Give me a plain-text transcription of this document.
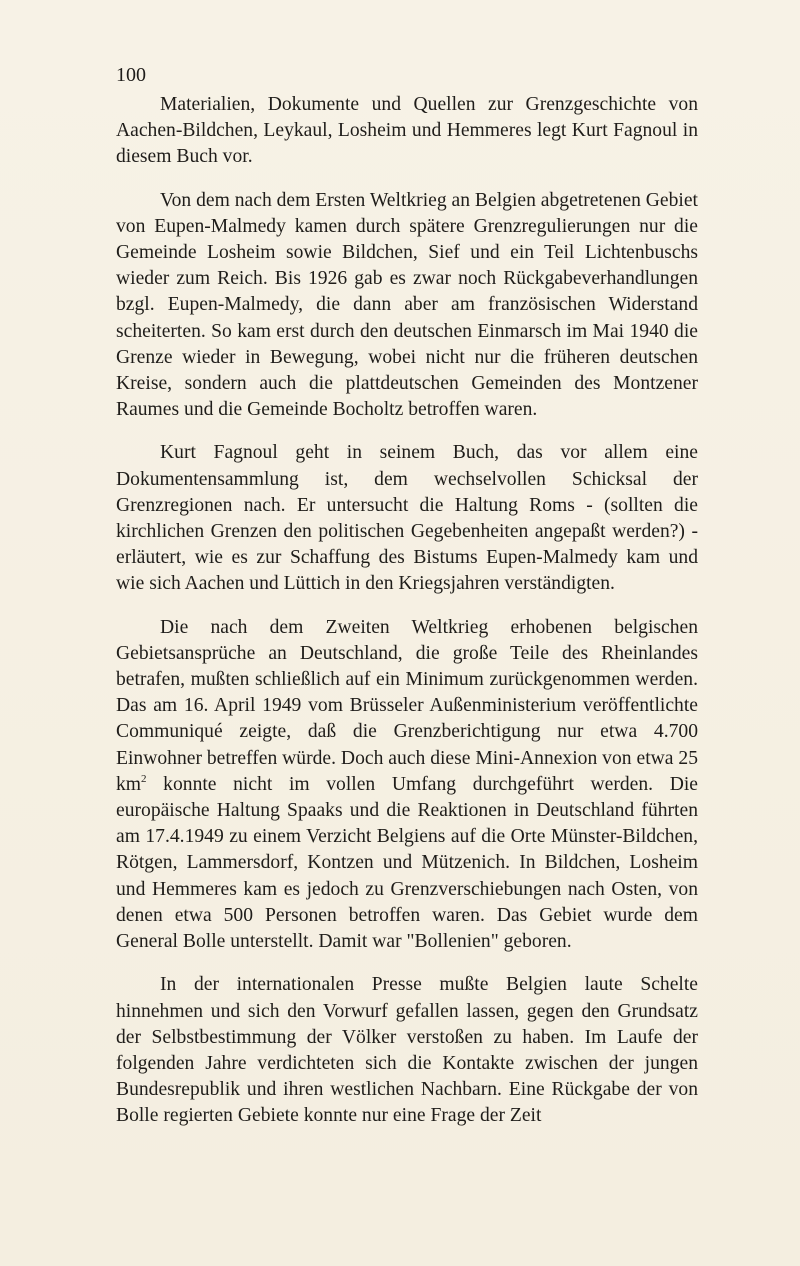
100

Materialien, Dokumente und Quellen zur Grenzgeschichte von Aachen-Bildchen, Leykaul, Losheim und Hemmeres legt Kurt Fagnoul in diesem Buch vor.

Von dem nach dem Ersten Weltkrieg an Belgien abgetretenen Gebiet von Eupen-Malmedy kamen durch spätere Grenzregulierungen nur die Gemeinde Losheim sowie Bildchen, Sief und ein Teil Lichtenbuschs wieder zum Reich. Bis 1926 gab es zwar noch Rückgabeverhandlungen bzgl. Eupen-Malmedy, die dann aber am französischen Widerstand scheiterten. So kam erst durch den deutschen Einmarsch im Mai 1940 die Grenze wieder in Bewegung, wobei nicht nur die früheren deutschen Kreise, sondern auch die plattdeutschen Gemeinden des Montzener Raumes und die Gemeinde Bocholtz betroffen waren.

Kurt Fagnoul geht in seinem Buch, das vor allem eine Dokumentensammlung ist, dem wechselvollen Schicksal der Grenzregionen nach. Er untersucht die Haltung Roms - (sollten die kirchlichen Grenzen den politischen Gegebenheiten angepaßt werden?) - erläutert, wie es zur Schaffung des Bistums Eupen-Malmedy kam und wie sich Aachen und Lüttich in den Kriegsjahren verständigten.

Die nach dem Zweiten Weltkrieg erhobenen belgischen Gebietsansprüche an Deutschland, die große Teile des Rheinlandes betrafen, mußten schließlich auf ein Minimum zurückgenommen werden. Das am 16. April 1949 vom Brüsseler Außenministerium veröffentlichte Communiqué zeigte, daß die Grenzberichtigung nur etwa 4.700 Einwohner betreffen würde. Doch auch diese Mini-Annexion von etwa 25 $km^2$ konnte nicht im vollen Umfang durchgeführt werden. Die europäische Haltung Spaaks und die Reaktionen in Deutschland führten am 17.4.1949 zu einem Verzicht Belgiens auf die Orte Münster-Bildchen, Rötgen, Lammersdorf, Kontzen und Mützenich. In Bildchen, Losheim und Hemmeres kam es jedoch zu Grenzverschiebungen nach Osten, von denen etwa 500 Personen betroffen waren. Das Gebiet wurde dem General Bolle unterstellt. Damit war "Bollenien" geboren.

In der internationalen Presse mußte Belgien laute Schelte hinnehmen und sich den Vorwurf gefallen lassen, gegen den Grundsatz der Selbstbestimmung der Völker verstoßen zu haben. Im Laufe der folgenden Jahre verdichteten sich die Kontakte zwischen der jungen Bundesrepublik und ihren westlichen Nachbarn. Eine Rückgabe der von Bolle regierten Gebiete konnte nur eine Frage der Zeit
